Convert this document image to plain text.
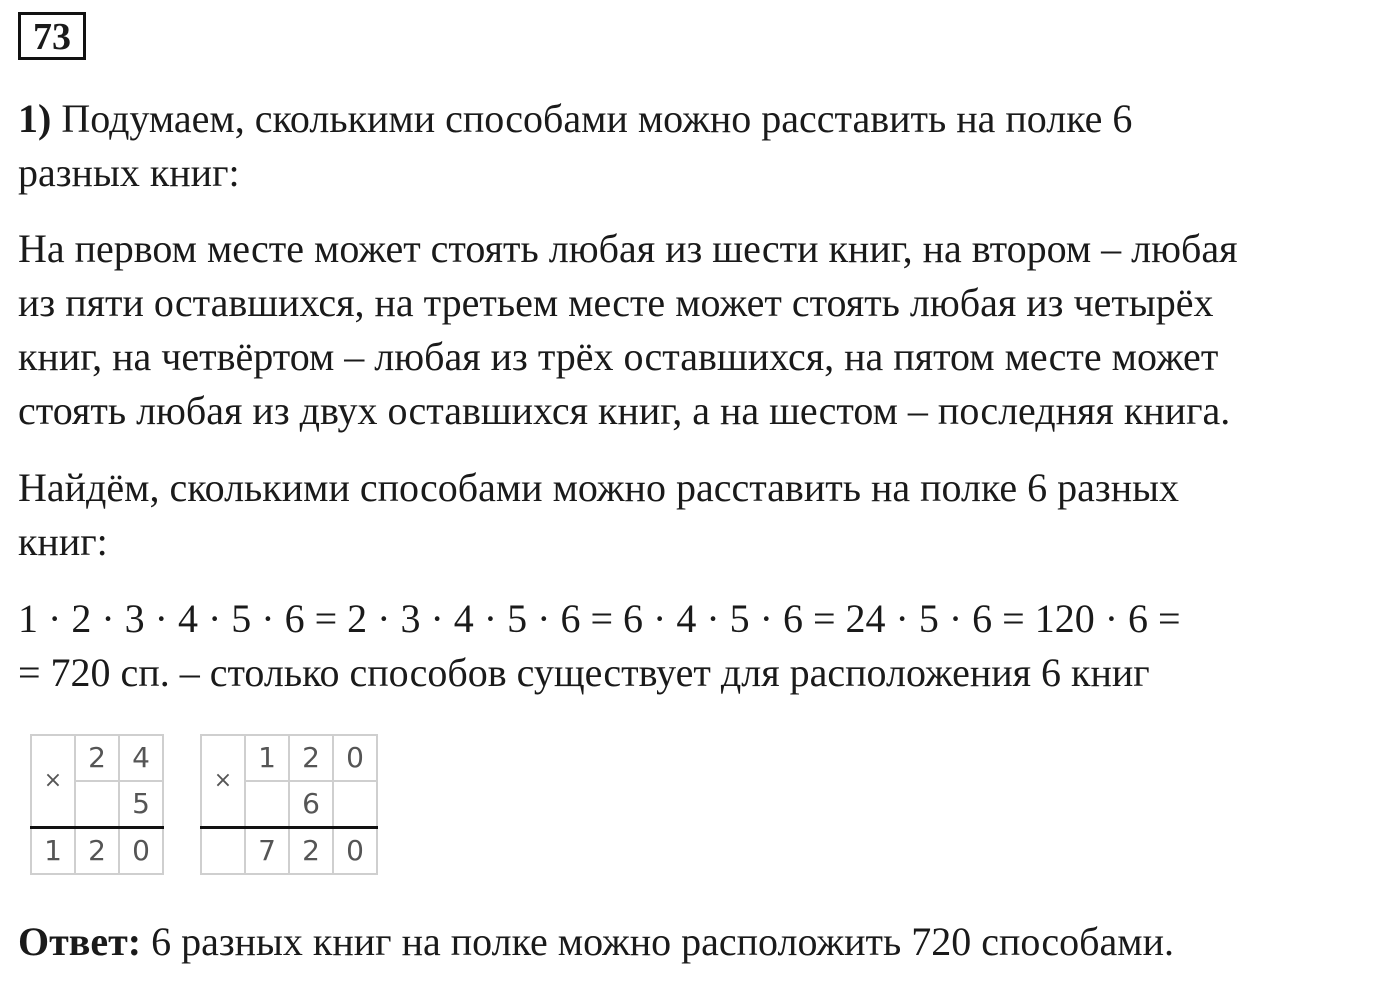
73

1) Подумаем, сколькими способами можно расставить на полке 6
разных книг:

На первом месте может стоять любая из шести книг, на втором – любая
из пяти оставшихся, на третьем месте может стоять любая из четырёх
книг, на четвёртом – любая из трёх оставшихся, на пятом месте может
стоять любая из двух оставшихся книг, а на шестом – последняя книга.

Найдём, сколькими способами можно расставить на полке 6 разных
книг:

1 · 2 · 3 · 4 · 5 · 6 = 2 · 3 · 4 · 5 · 6 = 6 · 4 · 5 · 6 = 24 · 5 · 6 = 120 · 6 =
= 720 сп. – столько способов существует для расположения 6 книг

×	2	4
		5
1	2	0
×	1	2	0
		6	
	7	2	0

Ответ: 6 разных книг на полке можно расположить 720 способами.
